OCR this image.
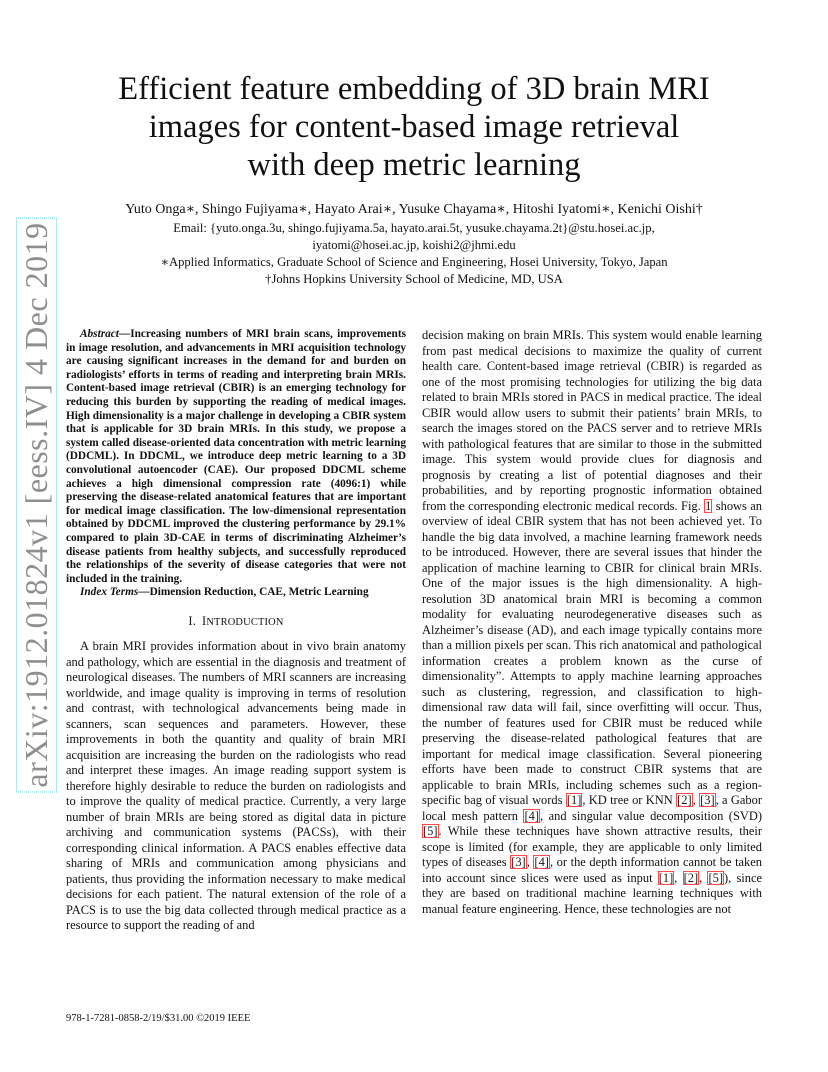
arXiv:1912.01824v1 [eess.IV] 4 Dec 2019
Efficient feature embedding of 3D brain MRI
images for content-based image retrieval
with deep metric learning
Yuto Onga∗, Shingo Fujiyama∗, Hayato Arai∗, Yusuke Chayama∗, Hitoshi Iyatomi∗, Kenichi Oishi†
Email: {yuto.onga.3u, shingo.fujiyama.5a, hayato.arai.5t, yusuke.chayama.2t}@stu.hosei.ac.jp,
iyatomi@hosei.ac.jp, koishi2@jhmi.edu
∗Applied Informatics, Graduate School of Science and Engineering, Hosei University, Tokyo, Japan
†Johns Hopkins University School of Medicine, MD, USA

Abstract—Increasing numbers of MRI brain scans, improvements in image resolution, and advancements in MRI acquisition technology are causing significant increases in the demand for and burden on radiologists’ efforts in terms of reading and interpreting brain MRIs. Content-based image retrieval (CBIR) is an emerging technology for reducing this burden by supporting the reading of medical images. High dimensionality is a major challenge in developing a CBIR system that is applicable for 3D brain MRIs. In this study, we propose a system called disease-oriented data concentration with metric learning (DDCML). In DDCML, we introduce deep metric learning to a 3D convolutional autoencoder (CAE). Our proposed DDCML scheme achieves a high dimensional compression rate (4096:1) while preserving the disease-related anatomical features that are important for medical image classification. The low-dimensional representation obtained by DDCML improved the clustering performance by 29.1% compared to plain 3D-CAE in terms of discriminating Alzheimer’s disease patients from healthy subjects, and successfully reproduced the relationships of the severity of disease categories that were not included in the training.

Index Terms—Dimension Reduction, CAE, Metric Learning

I. INTRODUCTION

A brain MRI provides information about in vivo brain anatomy and pathology, which are essential in the diagnosis and treatment of neurological diseases. The numbers of MRI scanners are increasing worldwide, and image quality is improving in terms of resolution and contrast, with technological advancements being made in scanners, scan sequences and parameters. However, these improvements in both the quantity and quality of brain MRI acquisition are increasing the burden on the radiologists who read and interpret these images. An image reading support system is therefore highly desirable to reduce the burden on radiologists and to improve the quality of medical practice. Currently, a very large number of brain MRIs are being stored as digital data in picture archiving and communication systems (PACSs), with their corresponding clinical information. A PACS enables effective data sharing of MRIs and communication among physicians and patients, thus providing the information necessary to make medical decisions for each patient. The natural extension of the role of a PACS is to use the big data collected through medical practice as a resource to support the reading of and

decision making on brain MRIs. This system would enable learning from past medical decisions to maximize the quality of current health care. Content-based image retrieval (CBIR) is regarded as one of the most promising technologies for utilizing the big data related to brain MRIs stored in PACS in medical practice. The ideal CBIR would allow users to submit their patients’ brain MRIs, to search the images stored on the PACS server and to retrieve MRIs with pathological features that are similar to those in the submitted image. This system would provide clues for diagnosis and prognosis by creating a list of potential diagnoses and their probabilities, and by reporting prognostic information obtained from the corresponding electronic medical records. Fig. 1 shows an overview of ideal CBIR system that has not been achieved yet. To handle the big data involved, a machine learning framework needs to be introduced. However, there are several issues that hinder the application of machine learning to CBIR for clinical brain MRIs. One of the major issues is the high dimensionality. A high-resolution 3D anatomical brain MRI is becoming a common modality for evaluating neurodegenerative diseases such as Alzheimer’s disease (AD), and each image typically contains more than a million pixels per scan. This rich anatomical and pathological information creates a problem known as the curse of dimensionality”. Attempts to apply machine learning approaches such as clustering, regression, and classification to high-dimensional raw data will fail, since overfitting will occur. Thus, the number of features used for CBIR must be reduced while preserving the disease-related pathological features that are important for medical image classification. Several pioneering efforts have been made to construct CBIR systems that are applicable to brain MRIs, including schemes such as a region-specific bag of visual words [1], KD tree or KNN [2], [3], a Gabor local mesh pattern [4], and singular value decomposition (SVD) [5]. While these techniques have shown attractive results, their scope is limited (for example, they are applicable to only limited types of diseases [3], [4], or the depth information cannot be taken into account since slices were used as input [1], [2], [5]), since they are based on traditional machine learning techniques with manual feature engineering. Hence, these technologies are not

978-1-7281-0858-2/19/$31.00 ©2019 IEEE
